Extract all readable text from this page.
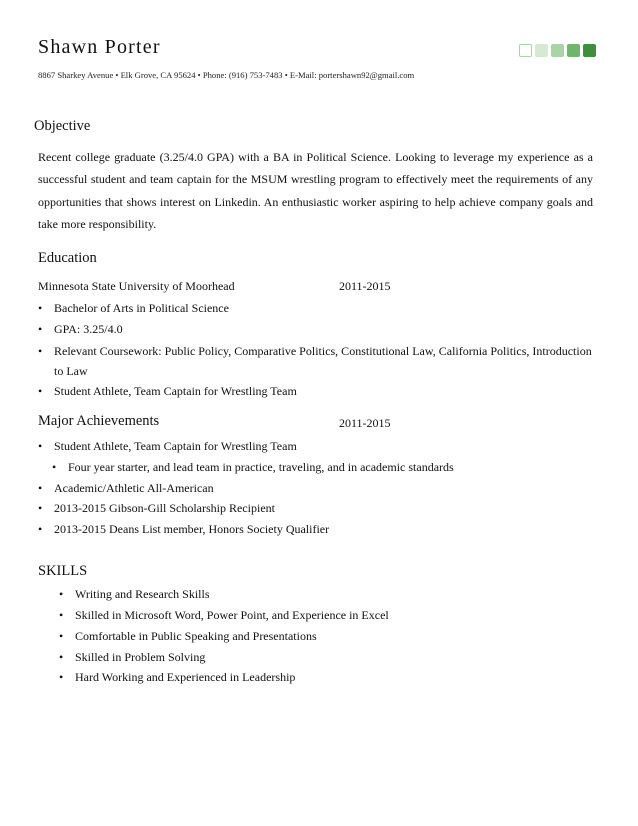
Shawn Porter
8867 Sharkey Avenue • Elk Grove, CA 95624 • Phone: (916) 753-7483 • E-Mail: portershawn92@gmail.com
Objective
Recent college graduate (3.25/4.0 GPA) with a BA in Political Science. Looking to leverage my experience as a successful student and team captain for the MSUM wrestling program to effectively meet the requirements of any opportunities that shows interest on Linkedin. An enthusiastic worker aspiring to help achieve company goals and take more responsibility.
Education
Minnesota State University of Moorhead	2011-2015
• Bachelor of Arts in Political Science
• GPA: 3.25/4.0
• Relevant Coursework: Public Policy, Comparative Politics, Constitutional Law, California Politics, Introduction to Law
• Student Athlete, Team Captain for Wrestling Team
Major Achievements	2011-2015
• Student Athlete, Team Captain for Wrestling Team
• Four year starter, and lead team in practice, traveling, and in academic standards
• Academic/Athletic All-American
• 2013-2015 Gibson-Gill Scholarship Recipient
• 2013-2015 Deans List member, Honors Society Qualifier
SKILLS
• Writing and Research Skills
• Skilled in Microsoft Word, Power Point, and Experience in Excel
• Comfortable in Public Speaking and Presentations
• Skilled in Problem Solving
• Hard Working and Experienced in Leadership
